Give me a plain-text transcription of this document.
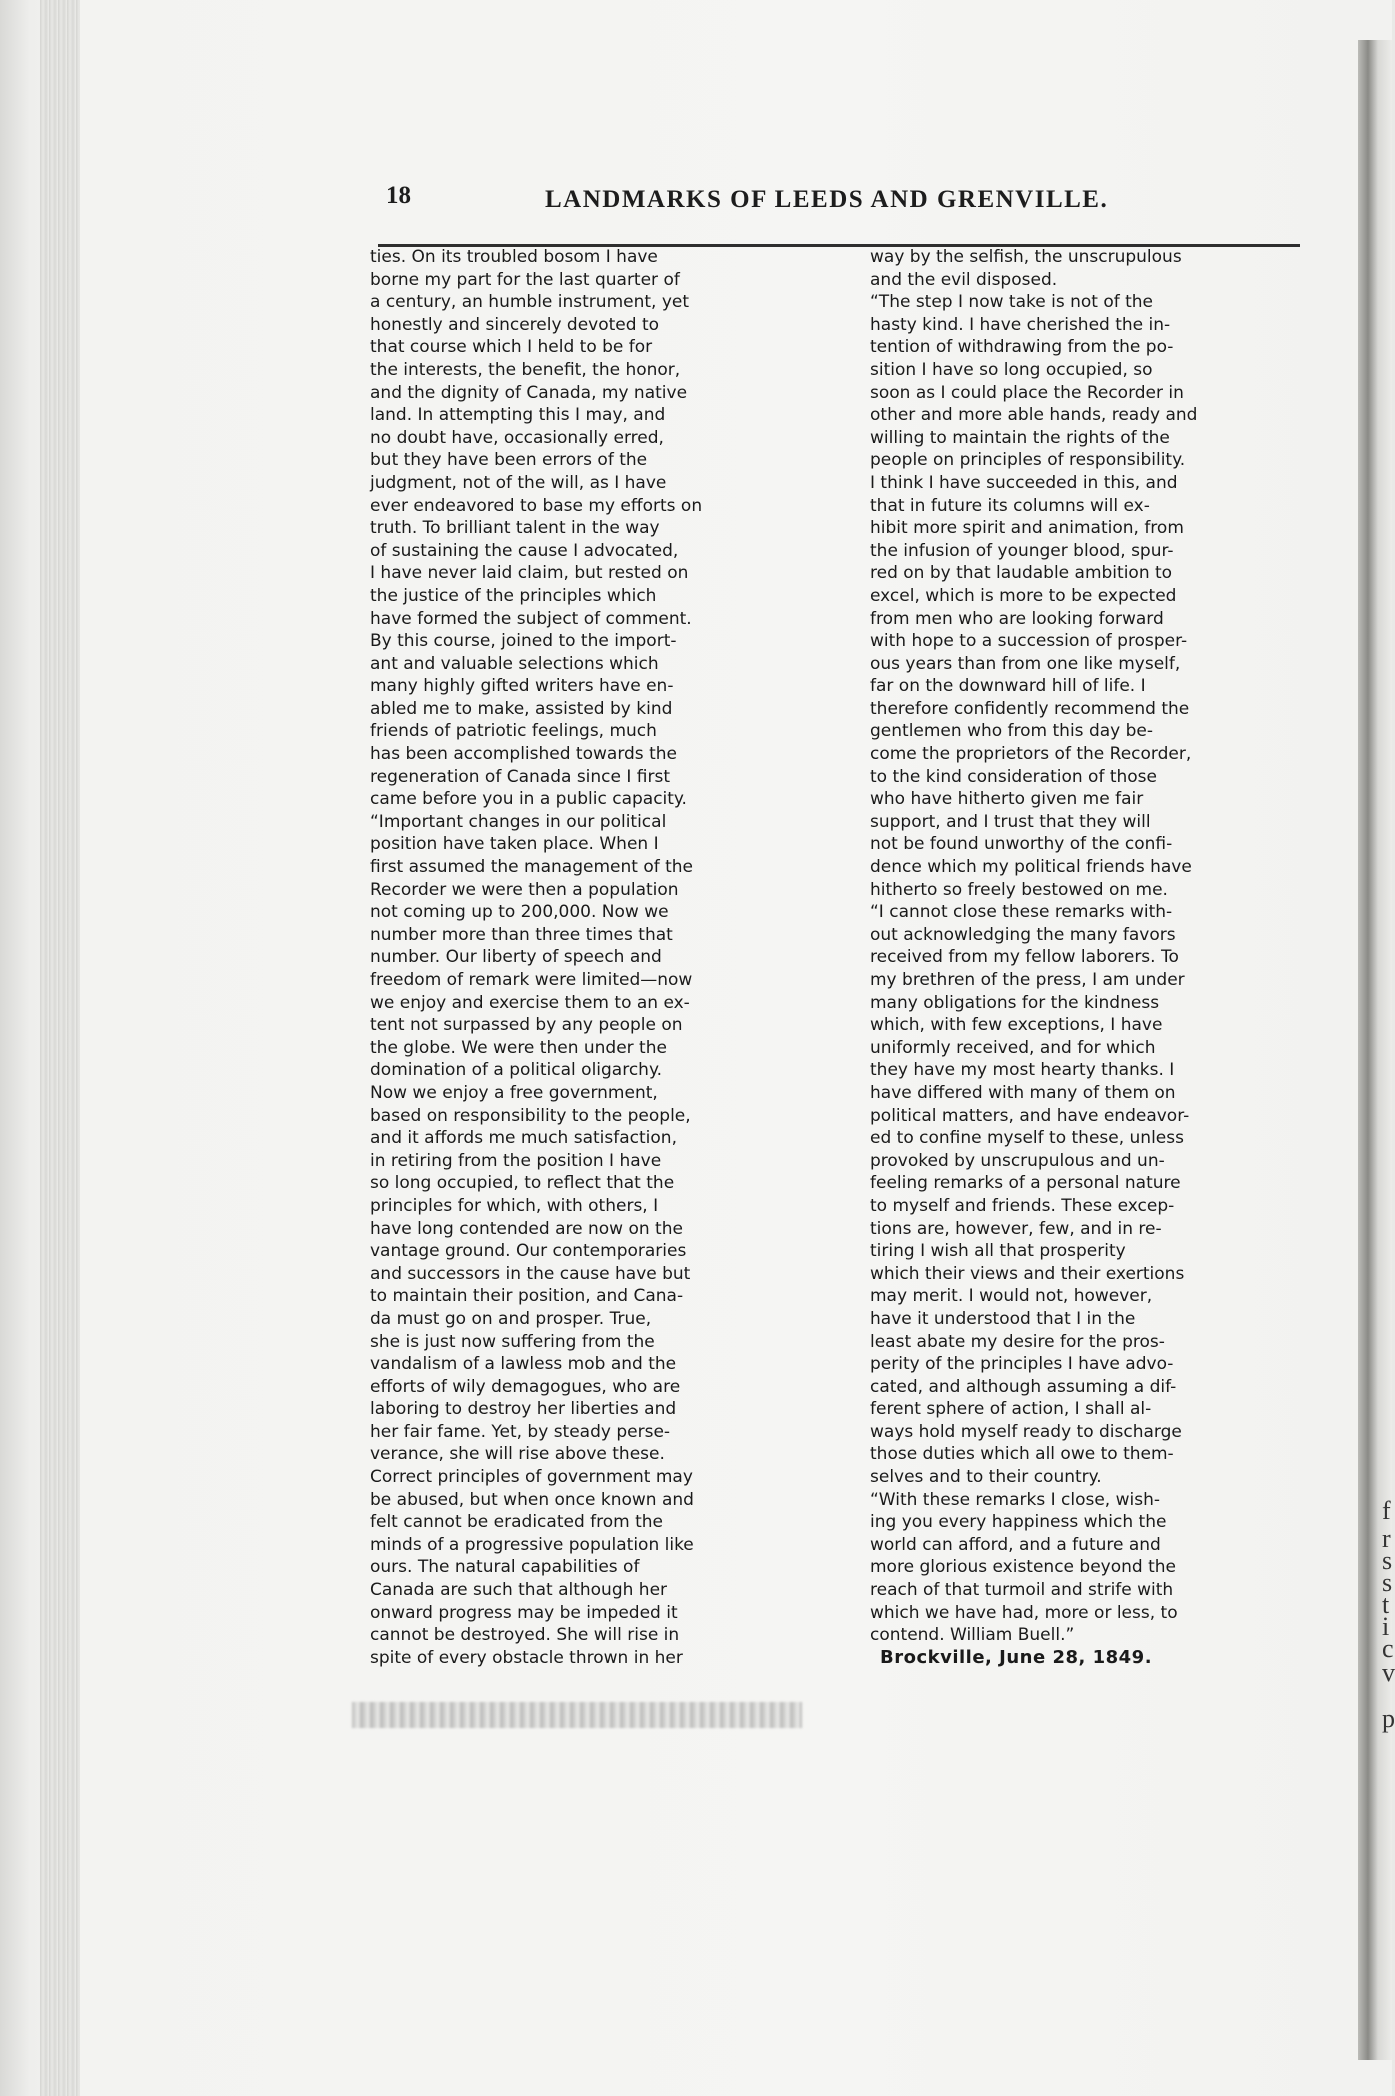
f
r
s
s
t
i
c
v
p
18	LANDMARKS OF LEEDS AND GRENVILLE.
ties. On its troubled bosom I have
borne my part for the last quarter of
a century, an humble instrument, yet
honestly and sincerely devoted to
that course which I held to be for
the interests, the benefit, the honor,
and the dignity of Canada, my native
land. In attempting this I may, and
no doubt have, occasionally erred,
but they have been errors of the
judgment, not of the will, as I have
ever endeavored to base my efforts on
truth. To brilliant talent in the way
of sustaining the cause I advocated,
I have never laid claim, but rested on
the justice of the principles which
have formed the subject of comment.
By this course, joined to the import-
ant and valuable selections which
many highly gifted writers have en-
abled me to make, assisted by kind
friends of patriotic feelings, much
has been accomplished towards the
regeneration of Canada since I first
came before you in a public capacity.
“Important changes in our political
position have taken place. When I
first assumed the management of the
Recorder we were then a population
not coming up to 200,000. Now we
number more than three times that
number. Our liberty of speech and
freedom of remark were limited—now
we enjoy and exercise them to an ex-
tent not surpassed by any people on
the globe. We were then under the
domination of a political oligarchy.
Now we enjoy a free government,
based on responsibility to the people,
and it affords me much satisfaction,
in retiring from the position I have
so long occupied, to reflect that the
principles for which, with others, I
have long contended are now on the
vantage ground. Our contemporaries
and successors in the cause have but
to maintain their position, and Cana-
da must go on and prosper. True,
she is just now suffering from the
vandalism of a lawless mob and the
efforts of wily demagogues, who are
laboring to destroy her liberties and
her fair fame. Yet, by steady perse-
verance, she will rise above these.
Correct principles of government may
be abused, but when once known and
felt cannot be eradicated from the
minds of a progressive population like
ours. The natural capabilities of
Canada are such that although her
onward progress may be impeded it
cannot be destroyed. She will rise in
spite of every obstacle thrown in her
way by the selfish, the unscrupulous
and the evil disposed.
“The step I now take is not of the
hasty kind. I have cherished the in-
tention of withdrawing from the po-
sition I have so long occupied, so
soon as I could place the Recorder in
other and more able hands, ready and
willing to maintain the rights of the
people on principles of responsibility.
I think I have succeeded in this, and
that in future its columns will ex-
hibit more spirit and animation, from
the infusion of younger blood, spur-
red on by that laudable ambition to
excel, which is more to be expected
from men who are looking forward
with hope to a succession of prosper-
ous years than from one like myself,
far on the downward hill of life. I
therefore confidently recommend the
gentlemen who from this day be-
come the proprietors of the Recorder,
to the kind consideration of those
who have hitherto given me fair
support, and I trust that they will
not be found unworthy of the confi-
dence which my political friends have
hitherto so freely bestowed on me.
“I cannot close these remarks with-
out acknowledging the many favors
received from my fellow laborers. To
my brethren of the press, I am under
many obligations for the kindness
which, with few exceptions, I have
uniformly received, and for which
they have my most hearty thanks. I
have differed with many of them on
political matters, and have endeavor-
ed to confine myself to these, unless
provoked by unscrupulous and un-
feeling remarks of a personal nature
to myself and friends. These excep-
tions are, however, few, and in re-
tiring I wish all that prosperity
which their views and their exertions
may merit. I would not, however,
have it understood that I in the
least abate my desire for the pros-
perity of the principles I have advo-
cated, and although assuming a dif-
ferent sphere of action, I shall al-
ways hold myself ready to discharge
those duties which all owe to them-
selves and to their country.
“With these remarks I close, wish-
ing you every happiness which the
world can afford, and a future and
more glorious existence beyond the
reach of that turmoil and strife with
which we have had, more or less, to
contend. William Buell.”
Brockville, June 28, 1849.
